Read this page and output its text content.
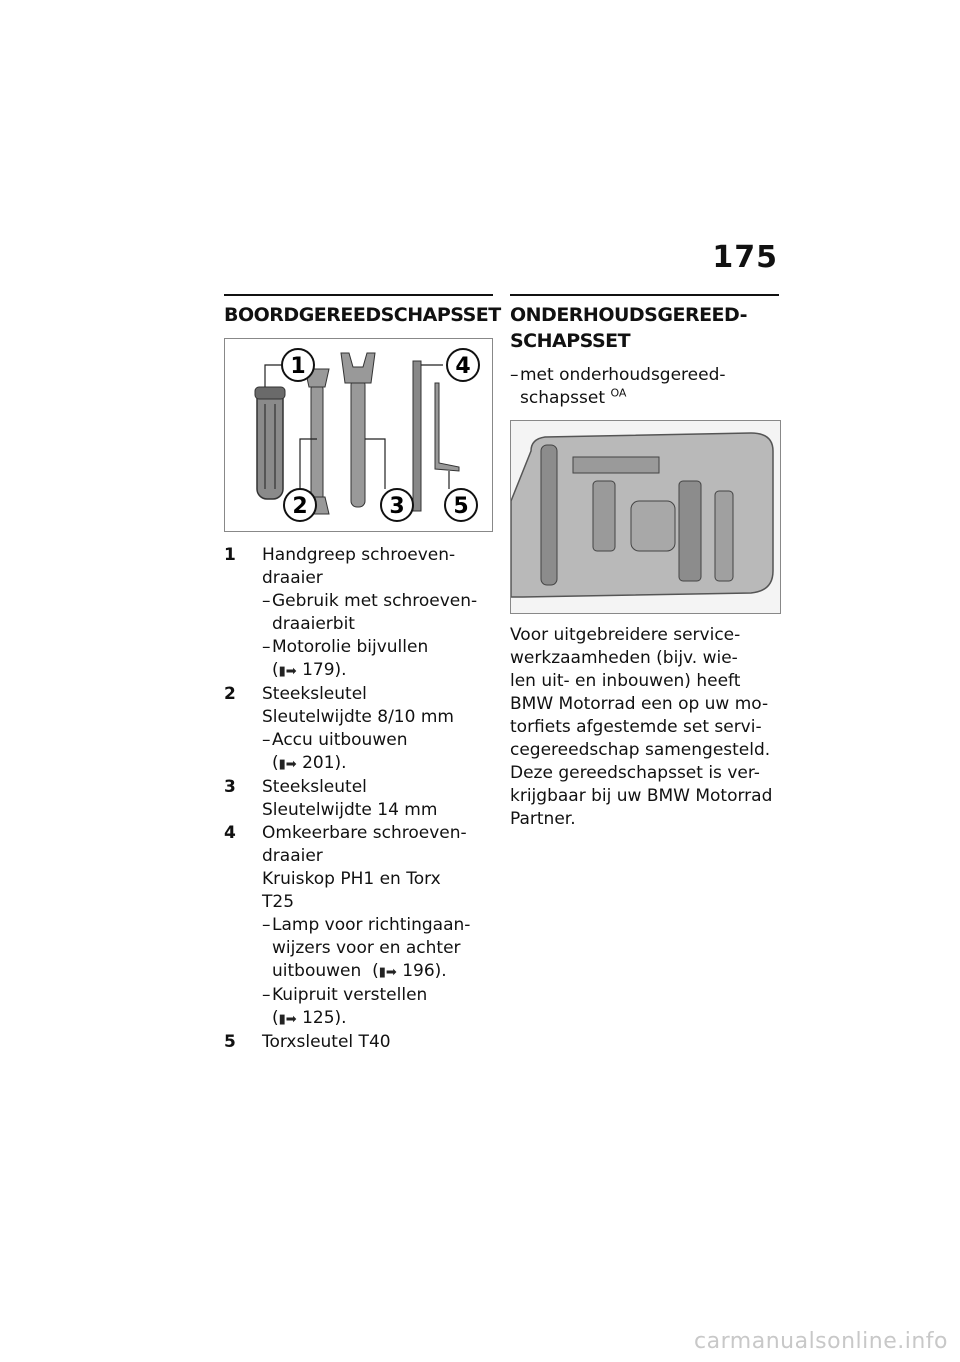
175
BOORDGEREEDSCHAPSSET
1
2	3
4
5
1	Handgreep schroeven-
draaier
– Gebruik met schroeven-
draaierbit
– Motorolie bijvullen
(▮➡ 179).
2	Steeksleutel
Sleutelwijdte 8/10 mm
– Accu uitbouwen
(▮➡ 201).
3	Steeksleutel
Sleutelwijdte 14 mm
4	Omkeerbare schroeven-
draaier
Kruiskop PH1 en Torx
T25
– Lamp voor richtingaan-
wijzers voor en achter
uitbouwen (▮➡ 196).
– Kuipruit verstellen
(▮➡ 125).
5	Torxsleutel T40
ONDERHOUDSGEREED-
SCHAPSSET
– met onderhoudsgereed-
schapsset $^{OA}$
Voor uitgebreidere service-
werkzaamheden (bijv. wie-
len uit- en inbouwen) heeft
BMW Motorrad een op uw mo-
torfiets afgestemde set servi-
cegereedschap samengesteld.
Deze gereedschapsset is ver-
krijgbaar bij uw BMW Motorrad
Partner.
carmanualsonline.info
